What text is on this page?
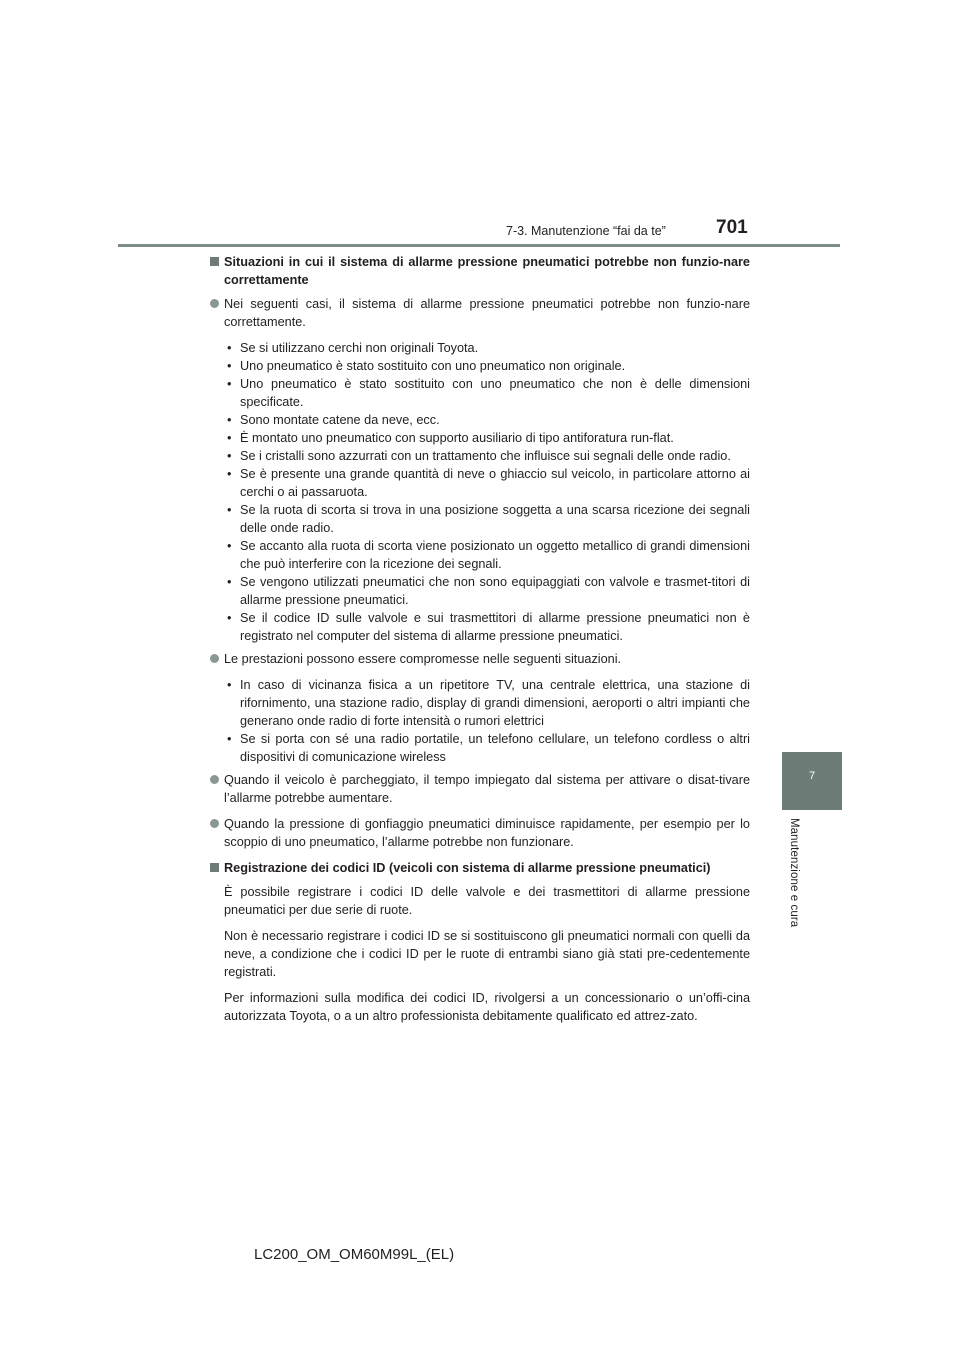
7-3. Manutenzione “fai da te”	701
7
Manutenzione e cura
Situazioni in cui il sistema di allarme pressione pneumatici potrebbe non funzio-nare correttamente
Nei seguenti casi, il sistema di allarme pressione pneumatici potrebbe non funzio-nare correttamente.
• Se si utilizzano cerchi non originali Toyota.
• Uno pneumatico è stato sostituito con uno pneumatico non originale.
• Uno pneumatico è stato sostituito con uno pneumatico che non è delle dimensioni specificate.
• Sono montate catene da neve, ecc.
• È montato uno pneumatico con supporto ausiliario di tipo antiforatura run-flat.
• Se i cristalli sono azzurrati con un trattamento che influisce sui segnali delle onde radio.
• Se è presente una grande quantità di neve o ghiaccio sul veicolo, in particolare attorno ai cerchi o ai passaruota.
• Se la ruota di scorta si trova in una posizione soggetta a una scarsa ricezione dei segnali delle onde radio.
• Se accanto alla ruota di scorta viene posizionato un oggetto metallico di grandi dimensioni che può interferire con la ricezione dei segnali.
• Se vengono utilizzati pneumatici che non sono equipaggiati con valvole e trasmet-titori di allarme pressione pneumatici.
• Se il codice ID sulle valvole e sui trasmettitori di allarme pressione pneumatici non è registrato nel computer del sistema di allarme pressione pneumatici.
Le prestazioni possono essere compromesse nelle seguenti situazioni.
• In caso di vicinanza fisica a un ripetitore TV, una centrale elettrica, una stazione di rifornimento, una stazione radio, display di grandi dimensioni, aeroporti o altri impianti che generano onde radio di forte intensità o rumori elettrici
• Se si porta con sé una radio portatile, un telefono cellulare, un telefono cordless o altri dispositivi di comunicazione wireless
Quando il veicolo è parcheggiato, il tempo impiegato dal sistema per attivare o disat-tivare l’allarme potrebbe aumentare.
Quando la pressione di gonfiaggio pneumatici diminuisce rapidamente, per esempio per lo scoppio di uno pneumatico, l’allarme potrebbe non funzionare.
Registrazione dei codici ID (veicoli con sistema di allarme pressione pneumatici)
È possibile registrare i codici ID delle valvole e dei trasmettitori di allarme pressione pneumatici per due serie di ruote.
Non è necessario registrare i codici ID se si sostituiscono gli pneumatici normali con quelli da neve, a condizione che i codici ID per le ruote di entrambi siano già stati pre-cedentemente registrati.
Per informazioni sulla modifica dei codici ID, rivolgersi a un concessionario o un’offi-cina autorizzata Toyota, o a un altro professionista debitamente qualificato ed attrez-zato.
LC200_OM_OM60M99L_(EL)
